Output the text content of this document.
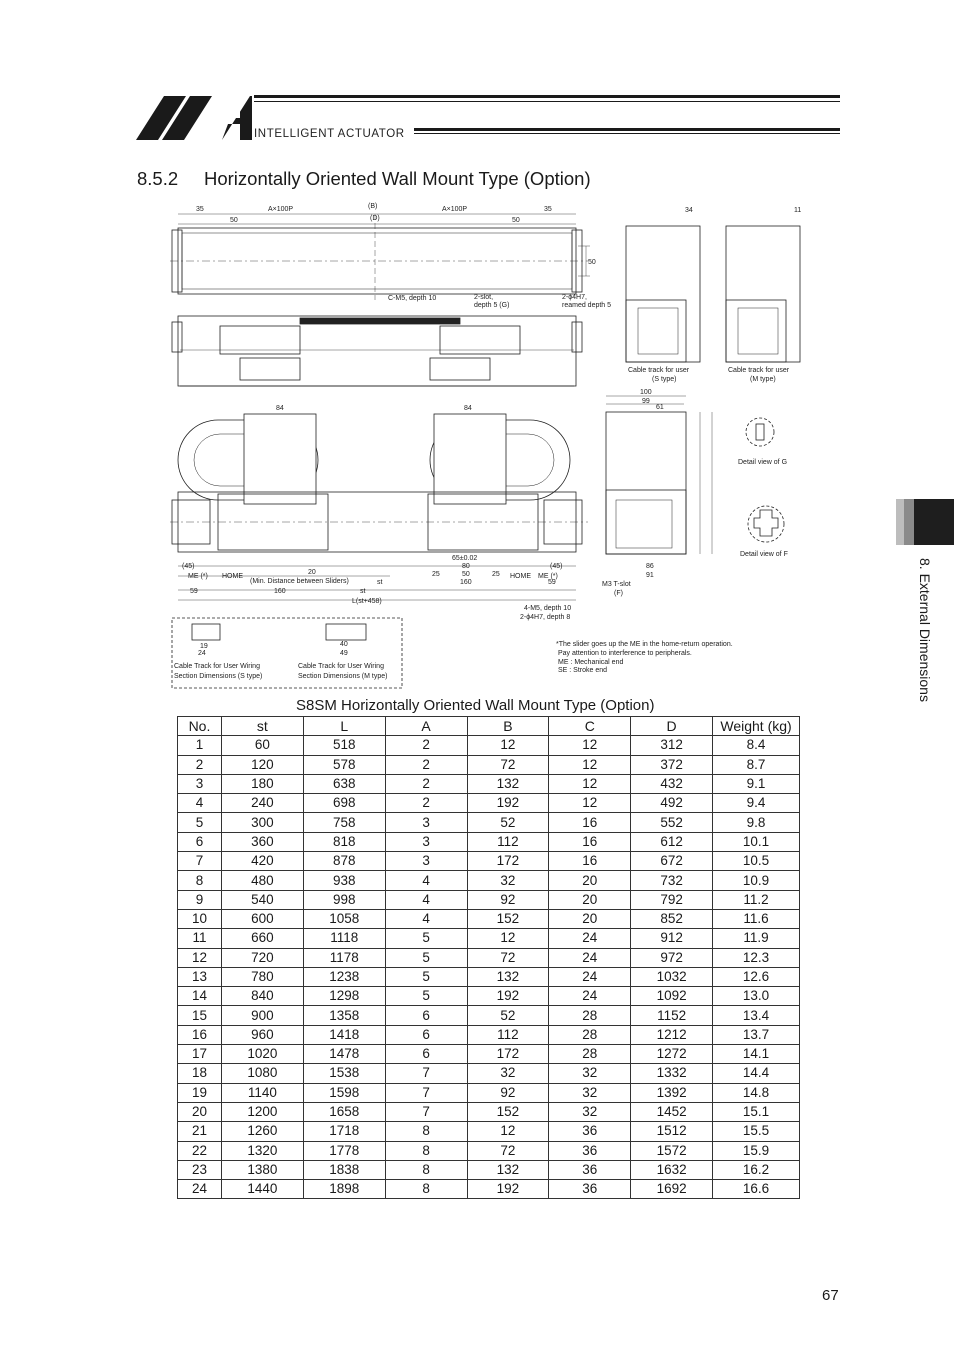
INTELLIGENT ACTUATOR
8.5.2 Horizontally Oriented Wall Mount Type (Option)
35	A×100P	(B)	A×100P	35
50	(D)	50
50
C-M5, depth 10	2-slot,
depth 5 (G)
2-ϕ4H7,
reamed depth 5
34	11
Cable track for user
(S type)
Cable track for user
(M type)
84	84
100
99
61
Detail view of G
Detail view of F
M3 T-slot
(F)
86
91
(45)
ME (*) HOME
20
(Min. Distance between Sliders)	st
59	160	st
L(st+458)
65±0.02
80
25	50	25
160
(45)
ME (*)
HOME
59
4-M5, depth 10
2-ϕ4H7, depth 8
19
24
40
49
Cable Track for User Wiring
Section Dimensions (S type)
Cable Track for User Wiring
Section Dimensions (M type)
*The slider goes up the ME in the home-return operation.
Pay attention to interference to peripherals.
ME : Mechanical end
SE : Stroke end	8. External Dimensions
S8SM Horizontally Oriented Wall Mount Type (Option)
No.	st	L	A	B	C	D	Weight (kg)
1	60	518	2	12	12	312	8.4
2	120	578	2	72	12	372	8.7
3	180	638	2	132	12	432	9.1
4	240	698	2	192	12	492	9.4
5	300	758	3	52	16	552	9.8
6	360	818	3	112	16	612	10.1
7	420	878	3	172	16	672	10.5
8	480	938	4	32	20	732	10.9
9	540	998	4	92	20	792	11.2
10	600	1058	4	152	20	852	11.6
11	660	1118	5	12	24	912	11.9
12	720	1178	5	72	24	972	12.3
13	780	1238	5	132	24	1032	12.6
14	840	1298	5	192	24	1092	13.0
15	900	1358	6	52	28	1152	13.4
16	960	1418	6	112	28	1212	13.7
17	1020	1478	6	172	28	1272	14.1
18	1080	1538	7	32	32	1332	14.4
19	1140	1598	7	92	32	1392	14.8
20	1200	1658	7	152	32	1452	15.1
21	1260	1718	8	12	36	1512	15.5
22	1320	1778	8	72	36	1572	15.9
23	1380	1838	8	132	36	1632	16.2
24	1440	1898	8	192	36	1692	16.6
67
